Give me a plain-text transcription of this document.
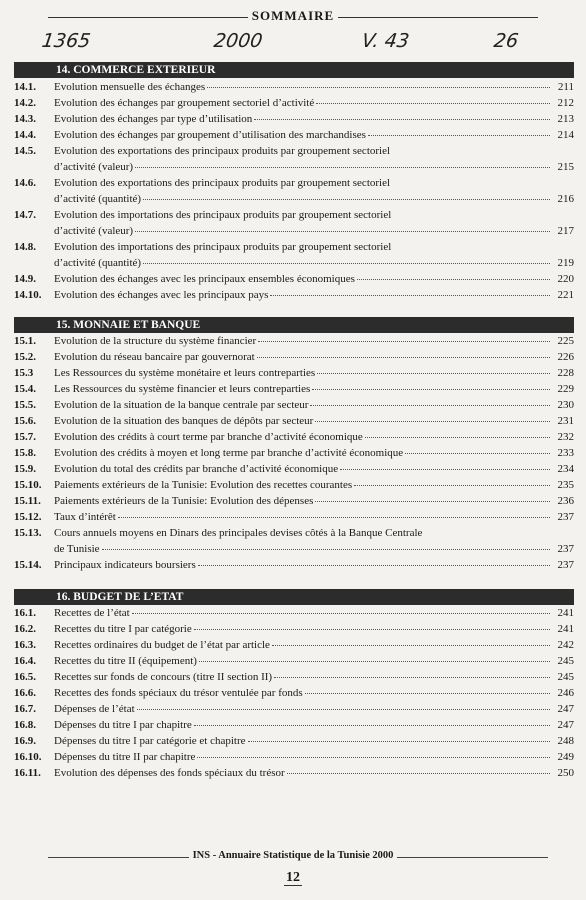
SOMMAIRE
1365	2000	V. 43	26
14. COMMERCE EXTERIEUR
14.1.	Evolution mensuelle des échanges	211
14.2.	Evolution des échanges par groupement sectoriel d’activité	212
14.3.	Evolution des échanges par type d’utilisation	213
14.4.	Evolution des échanges par groupement d’utilisation des marchandises	214
14.5.	Evolution des exportations des principaux produits par groupement sectoriel
d’activité (valeur)	215
14.6.	Evolution des exportations des principaux produits par groupement sectoriel
d’activité (quantité)	216
14.7.	Evolution des importations des principaux produits par groupement sectoriel
d’activité (valeur)	217
14.8.	Evolution des importations des principaux produits par groupement sectoriel
d’activité (quantité)	219
14.9.	Evolution des échanges avec les principaux ensembles économiques	220
14.10.	Evolution des échanges avec les principaux pays	221
15. MONNAIE ET BANQUE
15.1.	Evolution de la structure du système financier	225
15.2.	Evolution du réseau bancaire par gouvernorat	226
15.3	Les Ressources du système monétaire et leurs contreparties	228
15.4.	Les Ressources du système financier et leurs contreparties	229
15.5.	Evolution de la situation de la banque centrale par secteur	230
15.6.	Evolution de la situation des banques de dépôts par secteur	231
15.7.	Evolution des crédits à court terme par branche d’activité économique	232
15.8.	Evolution des crédits à moyen et long terme par branche d’activité économique	233
15.9.	Evolution du total des crédits par branche d’activité économique	234
15.10.	Paiements extérieurs de la Tunisie: Evolution des recettes courantes	235
15.11.	Paiements extérieurs de la Tunisie: Evolution des dépenses	236
15.12.	Taux d’intérêt	237
15.13.	Cours annuels moyens en Dinars des principales devises côtés à la Banque Centrale
de Tunisie	237
15.14.	Principaux indicateurs boursiers	237
16. BUDGET DE L’ETAT
16.1.	Recettes de l’état	241
16.2.	Recettes du titre I par catégorie	241
16.3.	Recettes ordinaires du budget de l’état par article	242
16.4.	Recettes du titre II (équipement)	245
16.5.	Recettes sur fonds de concours (titre II section II)	245
16.6.	Recettes des fonds spéciaux du trésor ventulée par fonds	246
16.7.	Dépenses de l’état	247
16.8.	Dépenses du titre I par chapitre	247
16.9.	Dépenses du titre I par catégorie et chapitre	248
16.10.	Dépenses du titre II par chapitre	249
16.11.	Evolution des dépenses des fonds spéciaux du trésor	250
INS - Annuaire Statistique de la Tunisie 2000
12
